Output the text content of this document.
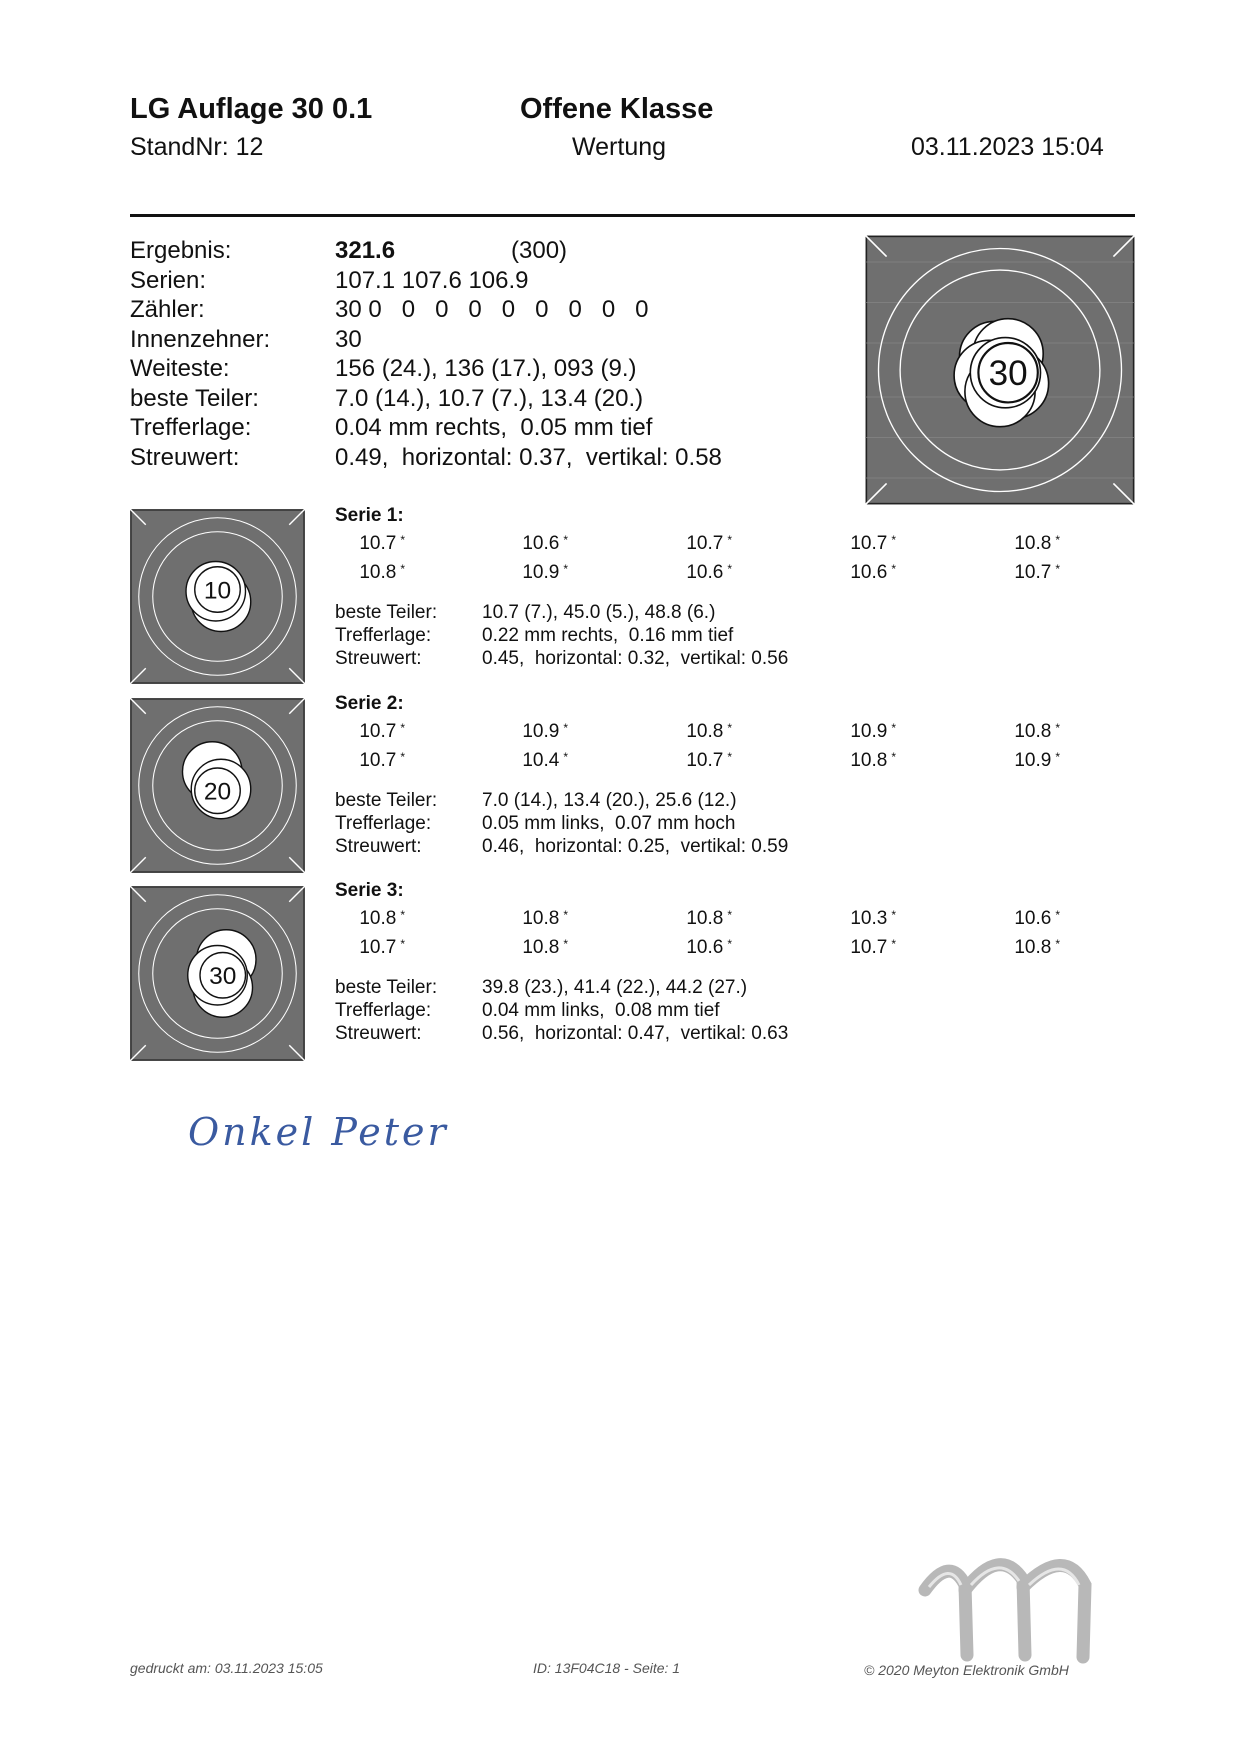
LG Auflage 30 0.1	Offene Klasse
StandNr: 12	Wertung	03.11.2023 15:04
Ergebnis:	321.6	(300)
Serien:	107.1 107.6 106.9
Zähler:	30 0   0   0   0   0   0   0   0   0
Innenzehner:	30
Weiteste:	156 (24.), 136 (17.), 093 (9.)
beste Teiler:	7.0 (14.), 10.7 (7.), 13.4 (20.)
Trefferlage:	0.04 mm rechts,  0.05 mm tief
Streuwert:	0.49,  horizontal: 0.37,  vertikal: 0.58
30
10
20
30
Serie 1:
10.7 *	10.6 *	10.7 *	10.7 *	10.8 *
10.8 *	10.9 *	10.6 *	10.6 *	10.7 *
beste Teiler:	10.7 (7.), 45.0 (5.), 48.8 (6.)
Trefferlage:	0.22 mm rechts,  0.16 mm tief
Streuwert:	0.45,  horizontal: 0.32,  vertikal: 0.56
Serie 2:
10.7 *	10.9 *	10.8 *	10.9 *	10.8 *
10.7 *	10.4 *	10.7 *	10.8 *	10.9 *
beste Teiler:	7.0 (14.), 13.4 (20.), 25.6 (12.)
Trefferlage:	0.05 mm links,  0.07 mm hoch
Streuwert:	0.46,  horizontal: 0.25,  vertikal: 0.59
Serie 3:
10.8 *	10.8 *	10.8 *	10.3 *	10.6 *
10.7 *	10.8 *	10.6 *	10.7 *	10.8 *
beste Teiler:	39.8 (23.), 41.4 (22.), 44.2 (27.)
Trefferlage:	0.04 mm links,  0.08 mm tief
Streuwert:	0.56,  horizontal: 0.47,  vertikal: 0.63
Onkel Peter
gedruckt am: 03.11.2023 15:05	ID: 13F04C18 - Seite: 1	© 2020 Meyton Elektronik GmbH
